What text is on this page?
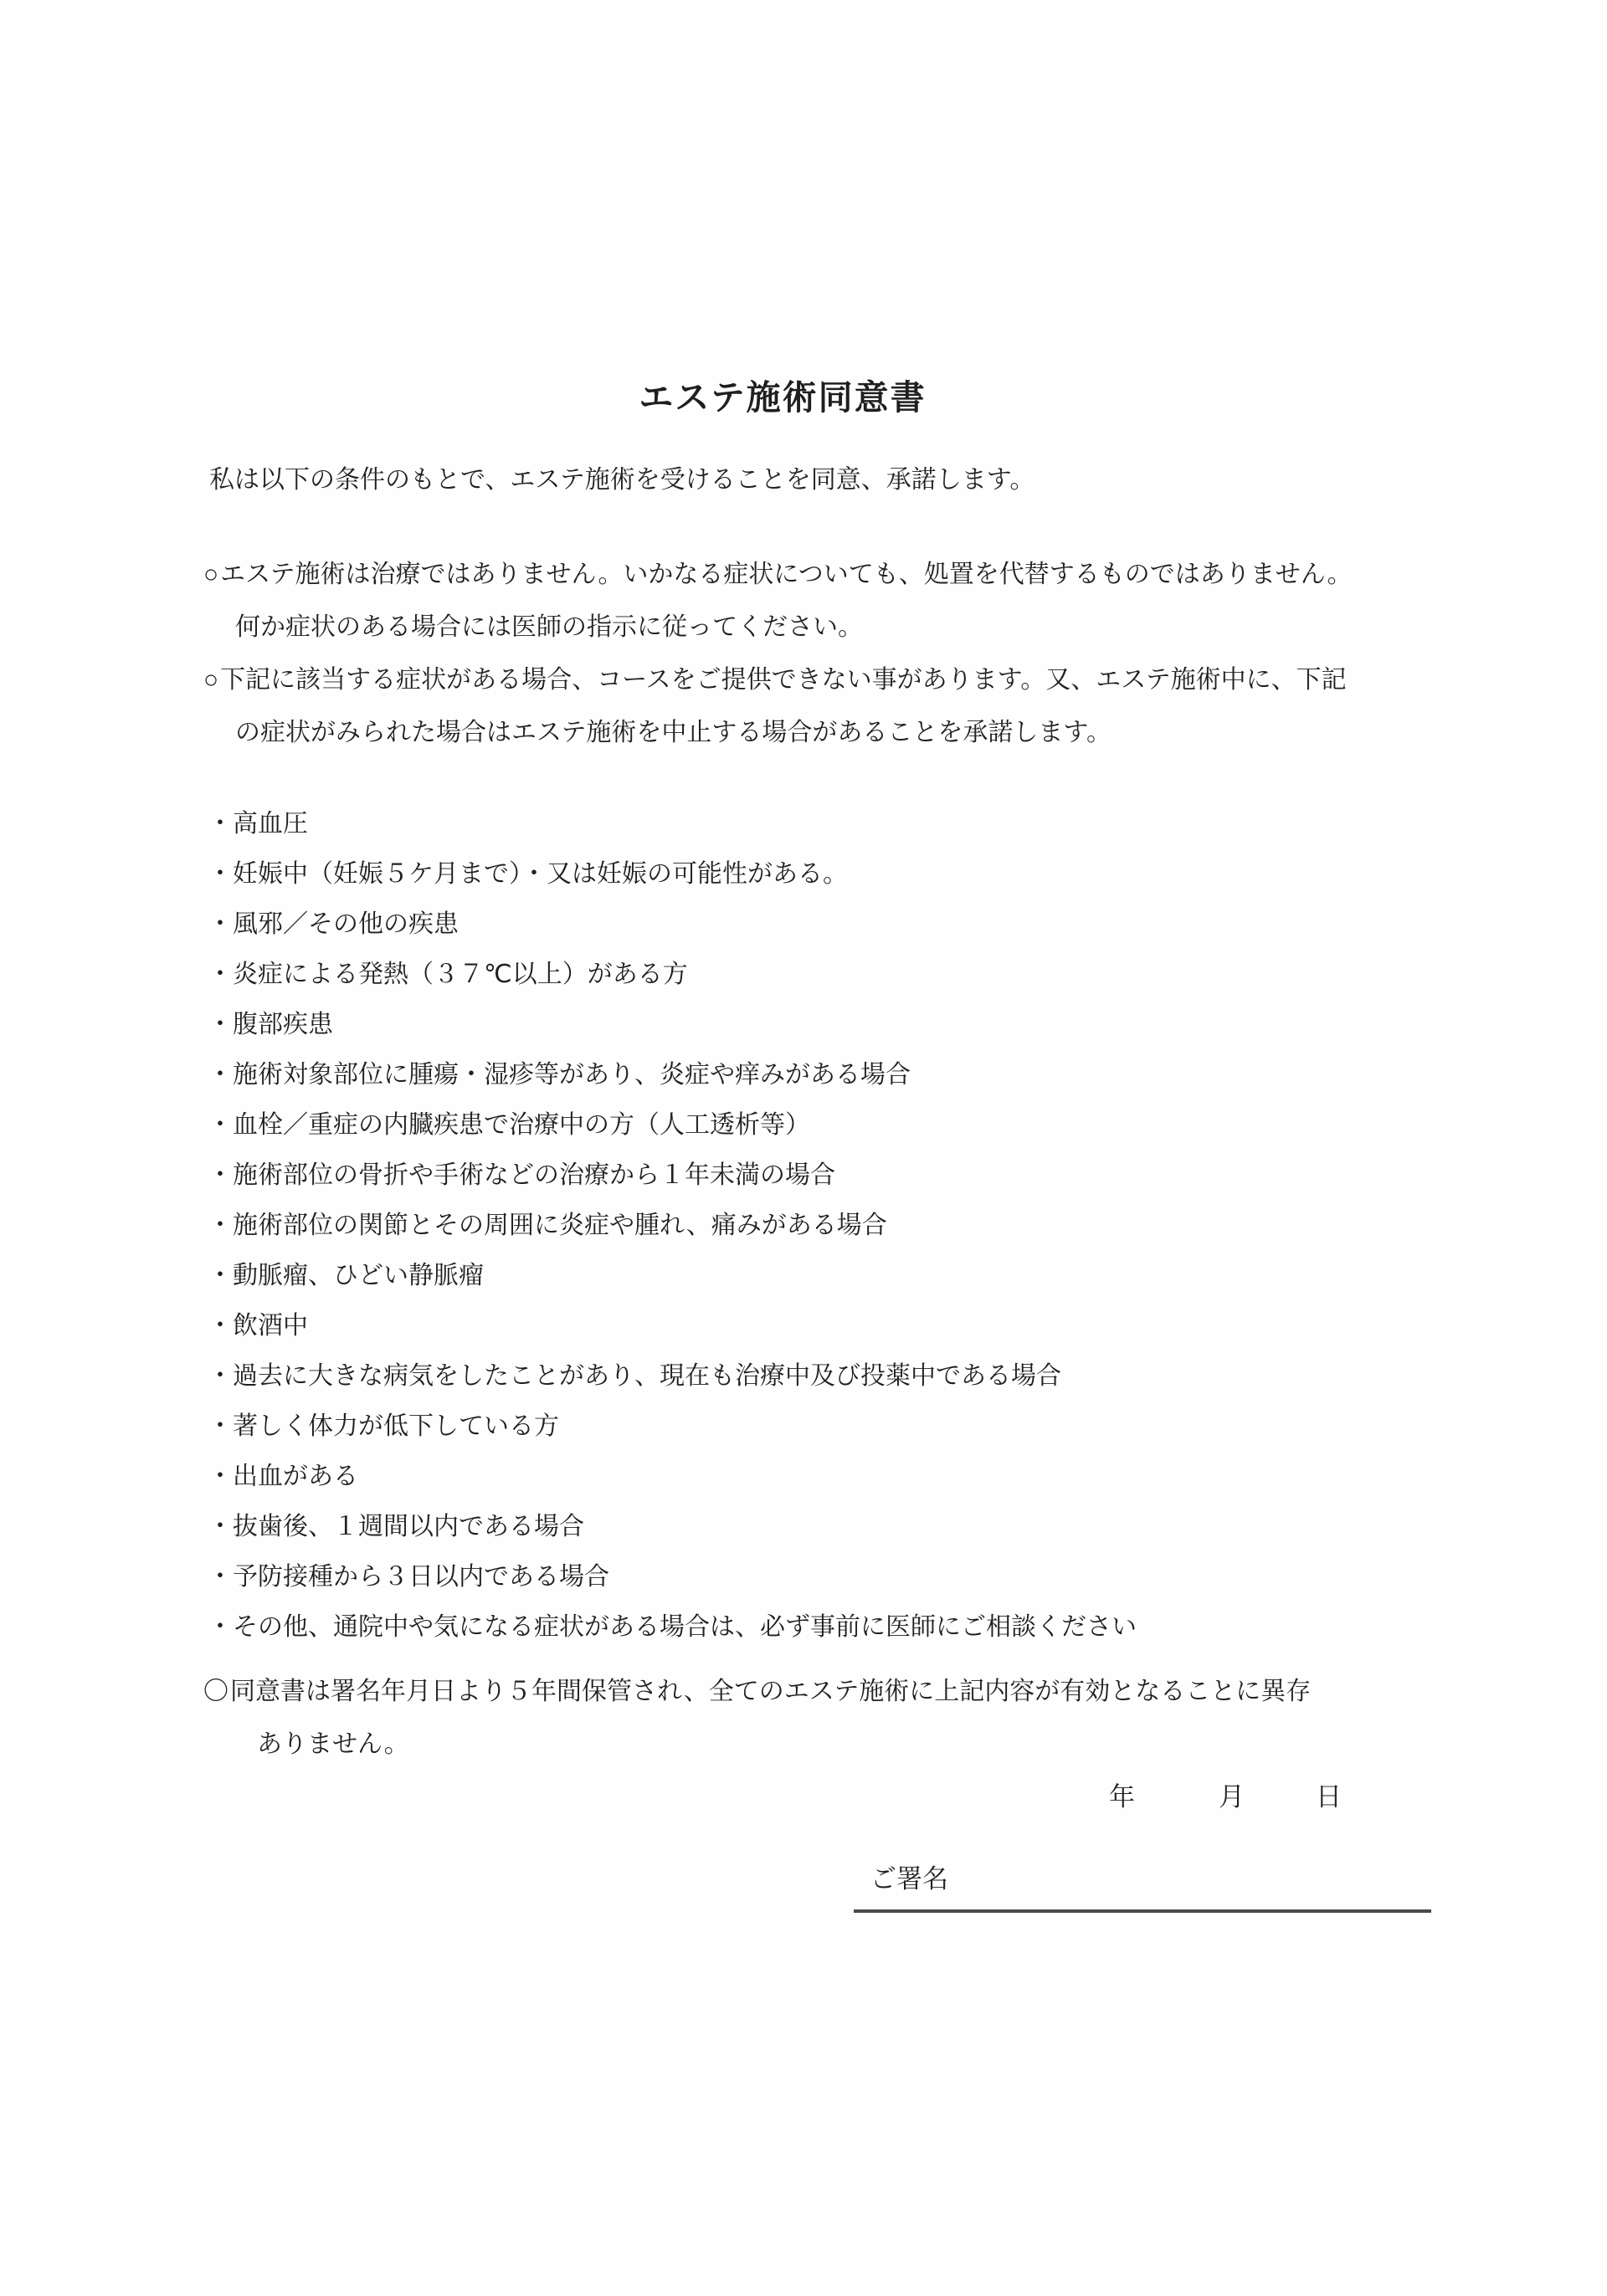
エステ施術同意書
私は以下の条件のもとで、エステ施術を受けることを同意、承諾します。
○エステ施術は治療ではありません。いかなる症状についても、処置を代替するものではありません。
何か症状のある場合には医師の指示に従ってください。
○下記に該当する症状がある場合、コースをご提供できない事があります。又、エステ施術中に、下記
の症状がみられた場合はエステ施術を中止する場合があることを承諾します。
・高血圧
・妊娠中（妊娠５ケ月まで）・又は妊娠の可能性がある。
・風邪／その他の疾患
・炎症による発熱（３７℃以上）がある方
・腹部疾患
・施術対象部位に腫瘍・湿疹等があり、炎症や痒みがある場合
・血栓／重症の内臓疾患で治療中の方（人工透析等）
・施術部位の骨折や手術などの治療から１年未満の場合
・施術部位の関節とその周囲に炎症や腫れ、痛みがある場合
・動脈瘤、ひどい静脈瘤
・飲酒中
・過去に大きな病気をしたことがあり、現在も治療中及び投薬中である場合
・著しく体力が低下している方
・出血がある
・抜歯後、１週間以内である場合
・予防接種から３日以内である場合
・その他、通院中や気になる症状がある場合は、必ず事前に医師にご相談ください
〇同意書は署名年月日より５年間保管され、全てのエステ施術に上記内容が有効となることに異存
ありません。
年	月	日
ご署名
